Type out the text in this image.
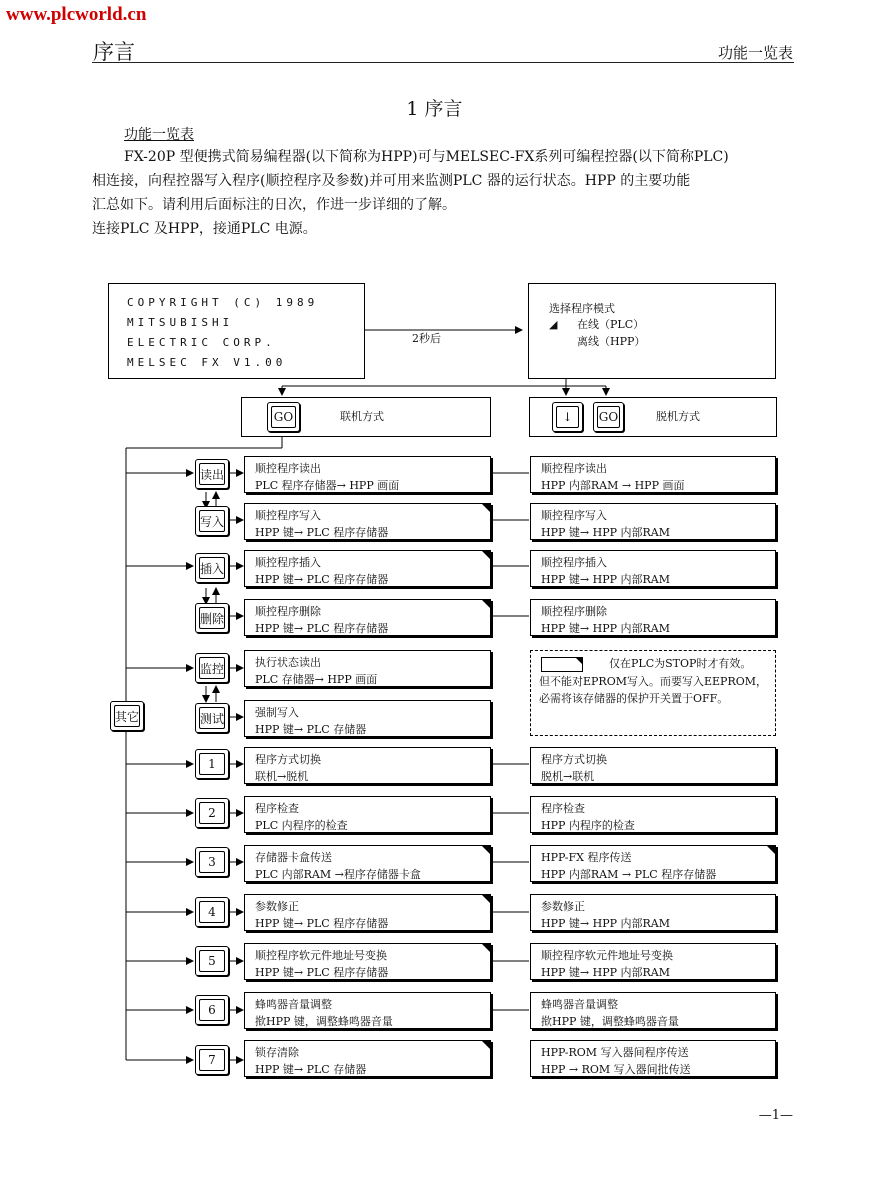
www.plcworld.cn
序言	功能一览表
1 序言
功能一览表
FX-20P 型便携式简易编程器(以下简称为HPP)可与MELSEC-FX系列可编程控器(以下简称PLC)
相连接，向程控器写入程序(顺控程序及参数)并可用来监测PLC 器的运行状态。HPP 的主要功能
汇总如下。请利用后面标注的日次，作进一步详细的了解。
连接PLC 及HPP，接通PLC 电源。
COPYRIGHT (C) 1989
MITSUBISHI
ELECTRIC CORP.
MELSEC FX V1.00
2秒后
选择程序模式
◢ 在线（PLC）
离线（HPP）
GO	联机方式	↓	GO	脱机方式
读出
写入
插入
删除
监控
测试
其它
1
2
3
4
5
6
7
顺控程序读出
PLC 程序存储器→ HPP 画面
顺控程序写入
HPP 键→ PLC 程序存储器
顺控程序插入
HPP 键→ PLC 程序存储器
顺控程序删除
HPP 键→ PLC 程序存储器
执行状态读出
PLC 存储器→ HPP 画面
强制写入
HPP 键→ PLC 存储器
程序方式切换
联机→脱机
程序检查
PLC 内程序的检查
存储器卡盒传送
PLC 内部RAM →程序存储器卡盒
参数修正
HPP 键→ PLC 程序存储器
顺控程序软元件地址号变换
HPP 键→ PLC 程序存储器
蜂鸣器音量调整
揿HPP 键，调整蜂鸣器音量
锁存清除
HPP 键→ PLC 存储器
顺控程序读出
HPP 内部RAM → HPP 画面
顺控程序写入
HPP 键→ HPP 内部RAM
顺控程序插入
HPP 键→ HPP 内部RAM
顺控程序删除
HPP 键→ HPP 内部RAM
仅在PLC为STOP时才有效。
但不能对EPROM写入。而要写入EEPROM，
必需将该存储器的保护开关置于OFF。
程序方式切换
脱机→联机
程序检查
HPP 内程序的检查
HPP-FX 程序传送
HPP 内部RAM → PLC 程序存储器
参数修正
HPP 键→ HPP 内部RAM
顺控程序软元件地址号变换
HPP 键→ HPP 内部RAM
蜂鸣器音量调整
揿HPP 键，调整蜂鸣器音量
HPP-ROM 写入器间程序传送
HPP → ROM 写入器间批传送
—1—
